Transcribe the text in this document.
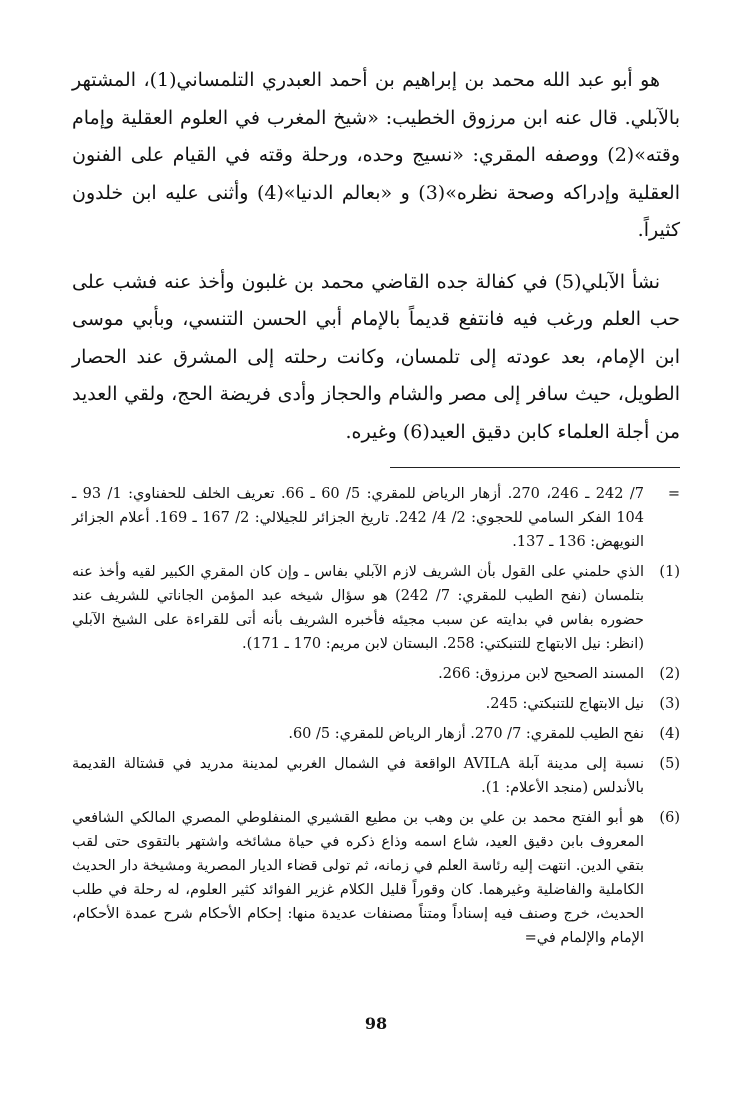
هو أبو عبد الله محمد بن إبراهيم بن أحمد العبدري التلمساني(1)، المشتهر بالآبلي. قال عنه ابن مرزوق الخطيب: «شيخ المغرب في العلوم العقلية وإمام وقته»(2) ووصفه المقري: «نسيج وحده، ورحلة وقته في القيام على الفنون العقلية وإدراكه وصحة نظره»(3) و «بعالم الدنيا»(4) وأثنى عليه ابن خلدون كثيراً.

نشأ الآبلي(5) في كفالة جده القاضي محمد بن غلبون وأخذ عنه فشب على حب العلم ورغب فيه فانتفع قديماً بالإمام أبي الحسن التنسي، وبأبي موسى ابن الإمام، بعد عودته إلى تلمسان، وكانت رحلته إلى المشرق عند الحصار الطويل، حيث سافر إلى مصر والشام والحجاز وأدى فريضة الحج، ولقي العديد من أجلة العلماء كابن دقيق العيد(6) وغيره.

=
7/ 242 ـ 246، 270. أزهار الرياض للمقري: 5/ 60 ـ 66. تعريف الخلف للحفناوي: 1/ 93 ـ 104 الفكر السامي للحجوي: 2/ 4/ 242. تاريخ الجزائر للجيلالي: 2/ 167 ـ 169. أعلام الجزائر النويهض: 136 ـ 137.
(1)
الذي حلمني على القول بأن الشريف لازم الآبلي بفاس ـ وإن كان المقري الكبير لقيه وأخذ عنه بتلمسان (نفح الطيب للمقري: 7/ 242) هو سؤال شيخه عبد المؤمن الجاناتي للشريف عند حضوره بفاس في بدايته عن سبب مجيئه فأخبره الشريف بأنه أتى للقراءة على الشيخ الآبلي (انظر: نيل الابتهاج للتنبكتي: 258. البستان لابن مريم: 170 ـ 171).
(2)
المسند الصحيح لابن مرزوق: 266.
(3)
نيل الابتهاج للتنبكتي: 245.
(4)
نفح الطيب للمقري: 7/ 270. أزهار الرياض للمقري: 5/ 60.
(5)
نسبة إلى مدينة آبلة AVILA الواقعة في الشمال الغربي لمدينة مدريد في قشتالة القديمة بالأندلس (منجد الأعلام: 1).
(6)
هو أبو الفتح محمد بن علي بن وهب بن مطيع القشيري المنفلوطي المصري المالكي الشافعي المعروف بابن دقيق العيد، شاع اسمه وذاع ذكره في حياة مشائخه واشتهر بالتقوى حتى لقب بتقي الدين. انتهت إليه رئاسة العلم في زمانه، ثم تولى قضاء الديار المصرية ومشيخة دار الحديث الكاملية والفاضلية وغيرهما. كان وقوراً قليل الكلام غزير الفوائد كثير العلوم، له رحلة في طلب الحديث، خرج وصنف فيه إسناداً ومتناً مصنفات عديدة منها: إحكام الأحكام شرح عمدة الأحكام، الإمام والإلمام في=
98
